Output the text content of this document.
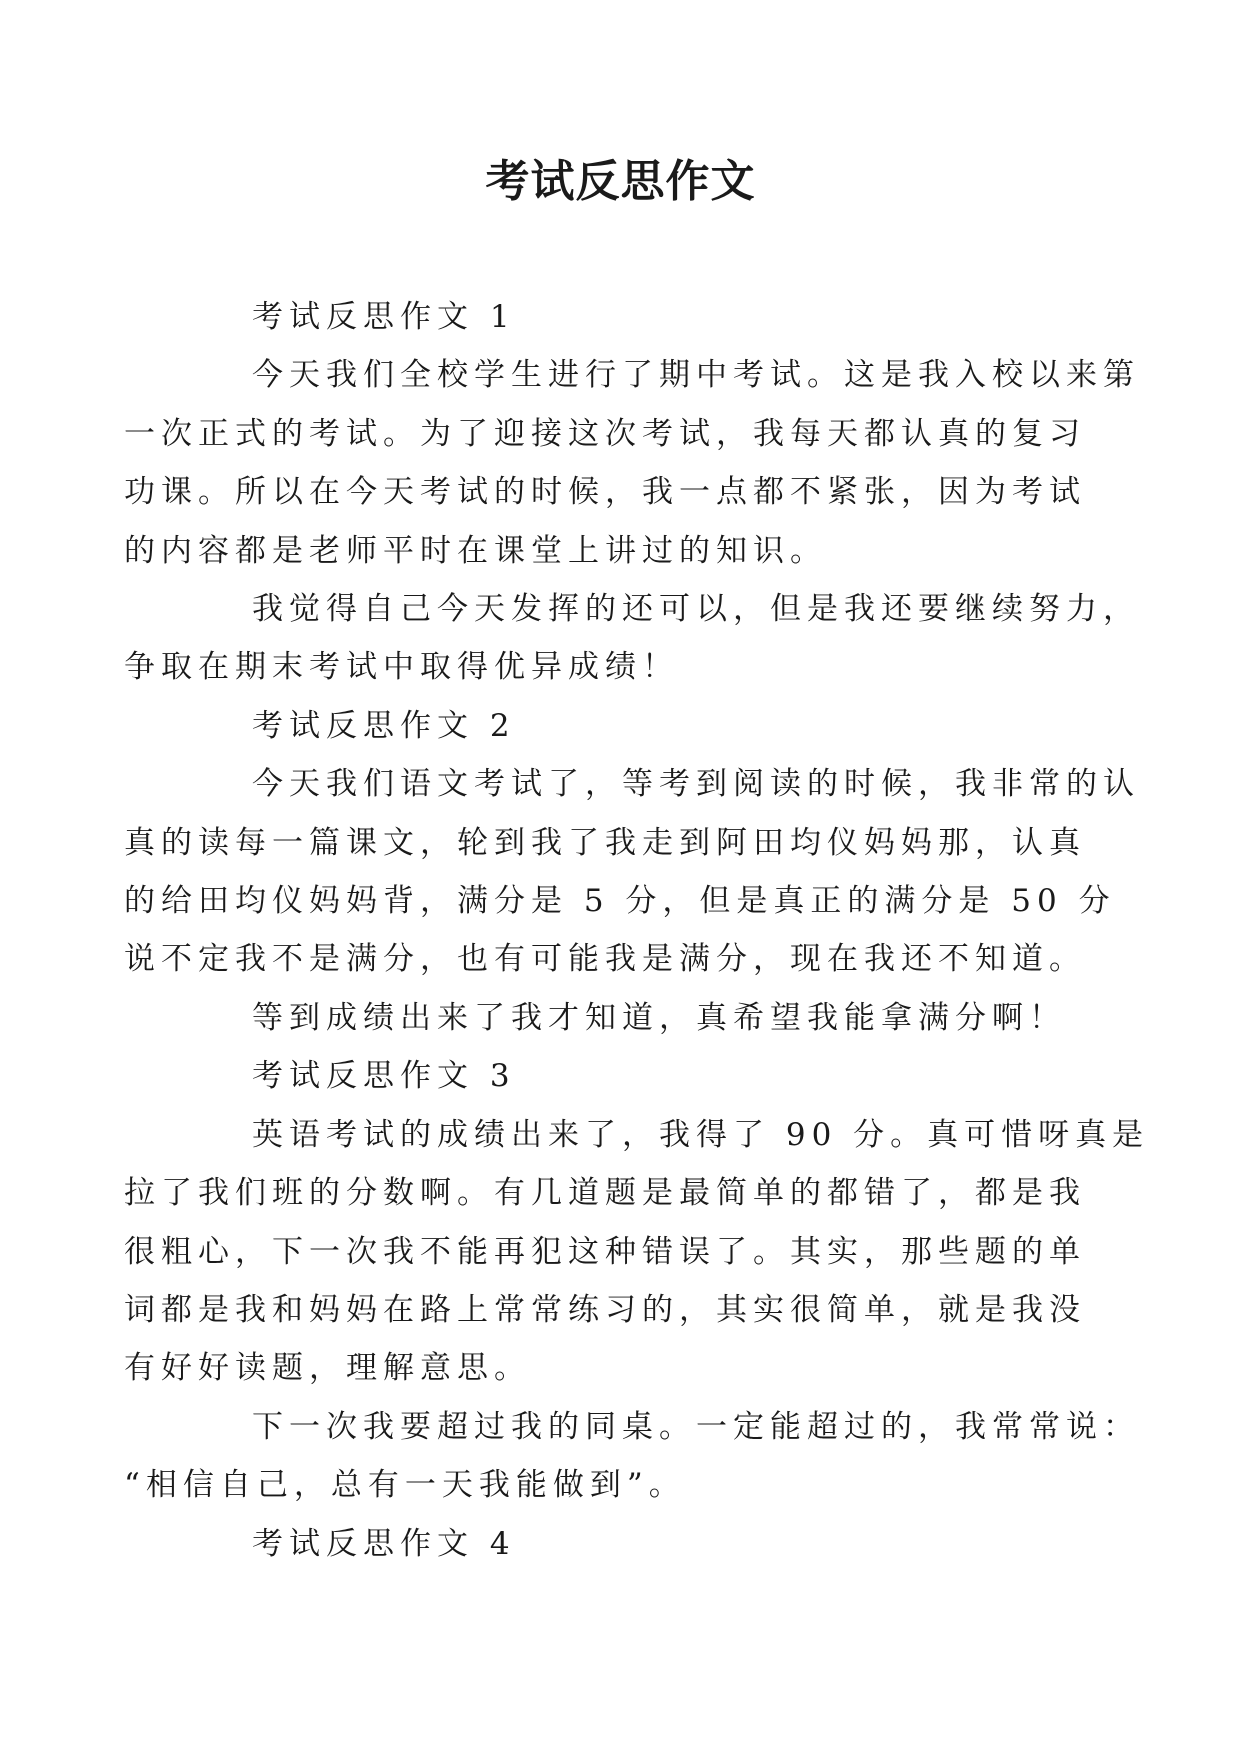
考试反思作文

考试反思作文 1

今天我们全校学生进行了期中考试。这是我入校以来第
一次正式的考试。为了迎接这次考试，我每天都认真的复习
功课。所以在今天考试的时候，我一点都不紧张，因为考试
的内容都是老师平时在课堂上讲过的知识。

我觉得自己今天发挥的还可以，但是我还要继续努力，
争取在期末考试中取得优异成绩！

考试反思作文 2

今天我们语文考试了，等考到阅读的时候，我非常的认
真的读每一篇课文，轮到我了我走到阿田均仪妈妈那，认真
的给田均仪妈妈背，满分是 5 分，但是真正的满分是 50 分
说不定我不是满分，也有可能我是满分，现在我还不知道。

等到成绩出来了我才知道，真希望我能拿满分啊！

考试反思作文 3

英语考试的成绩出来了，我得了 90 分。真可惜呀真是
拉了我们班的分数啊。有几道题是最简单的都错了，都是我
很粗心，下一次我不能再犯这种错误了。其实，那些题的单
词都是我和妈妈在路上常常练习的，其实很简单，就是我没
有好好读题，理解意思。

下一次我要超过我的同桌。一定能超过的，我常常说：
“相信自己，总有一天我能做到”。

考试反思作文 4
